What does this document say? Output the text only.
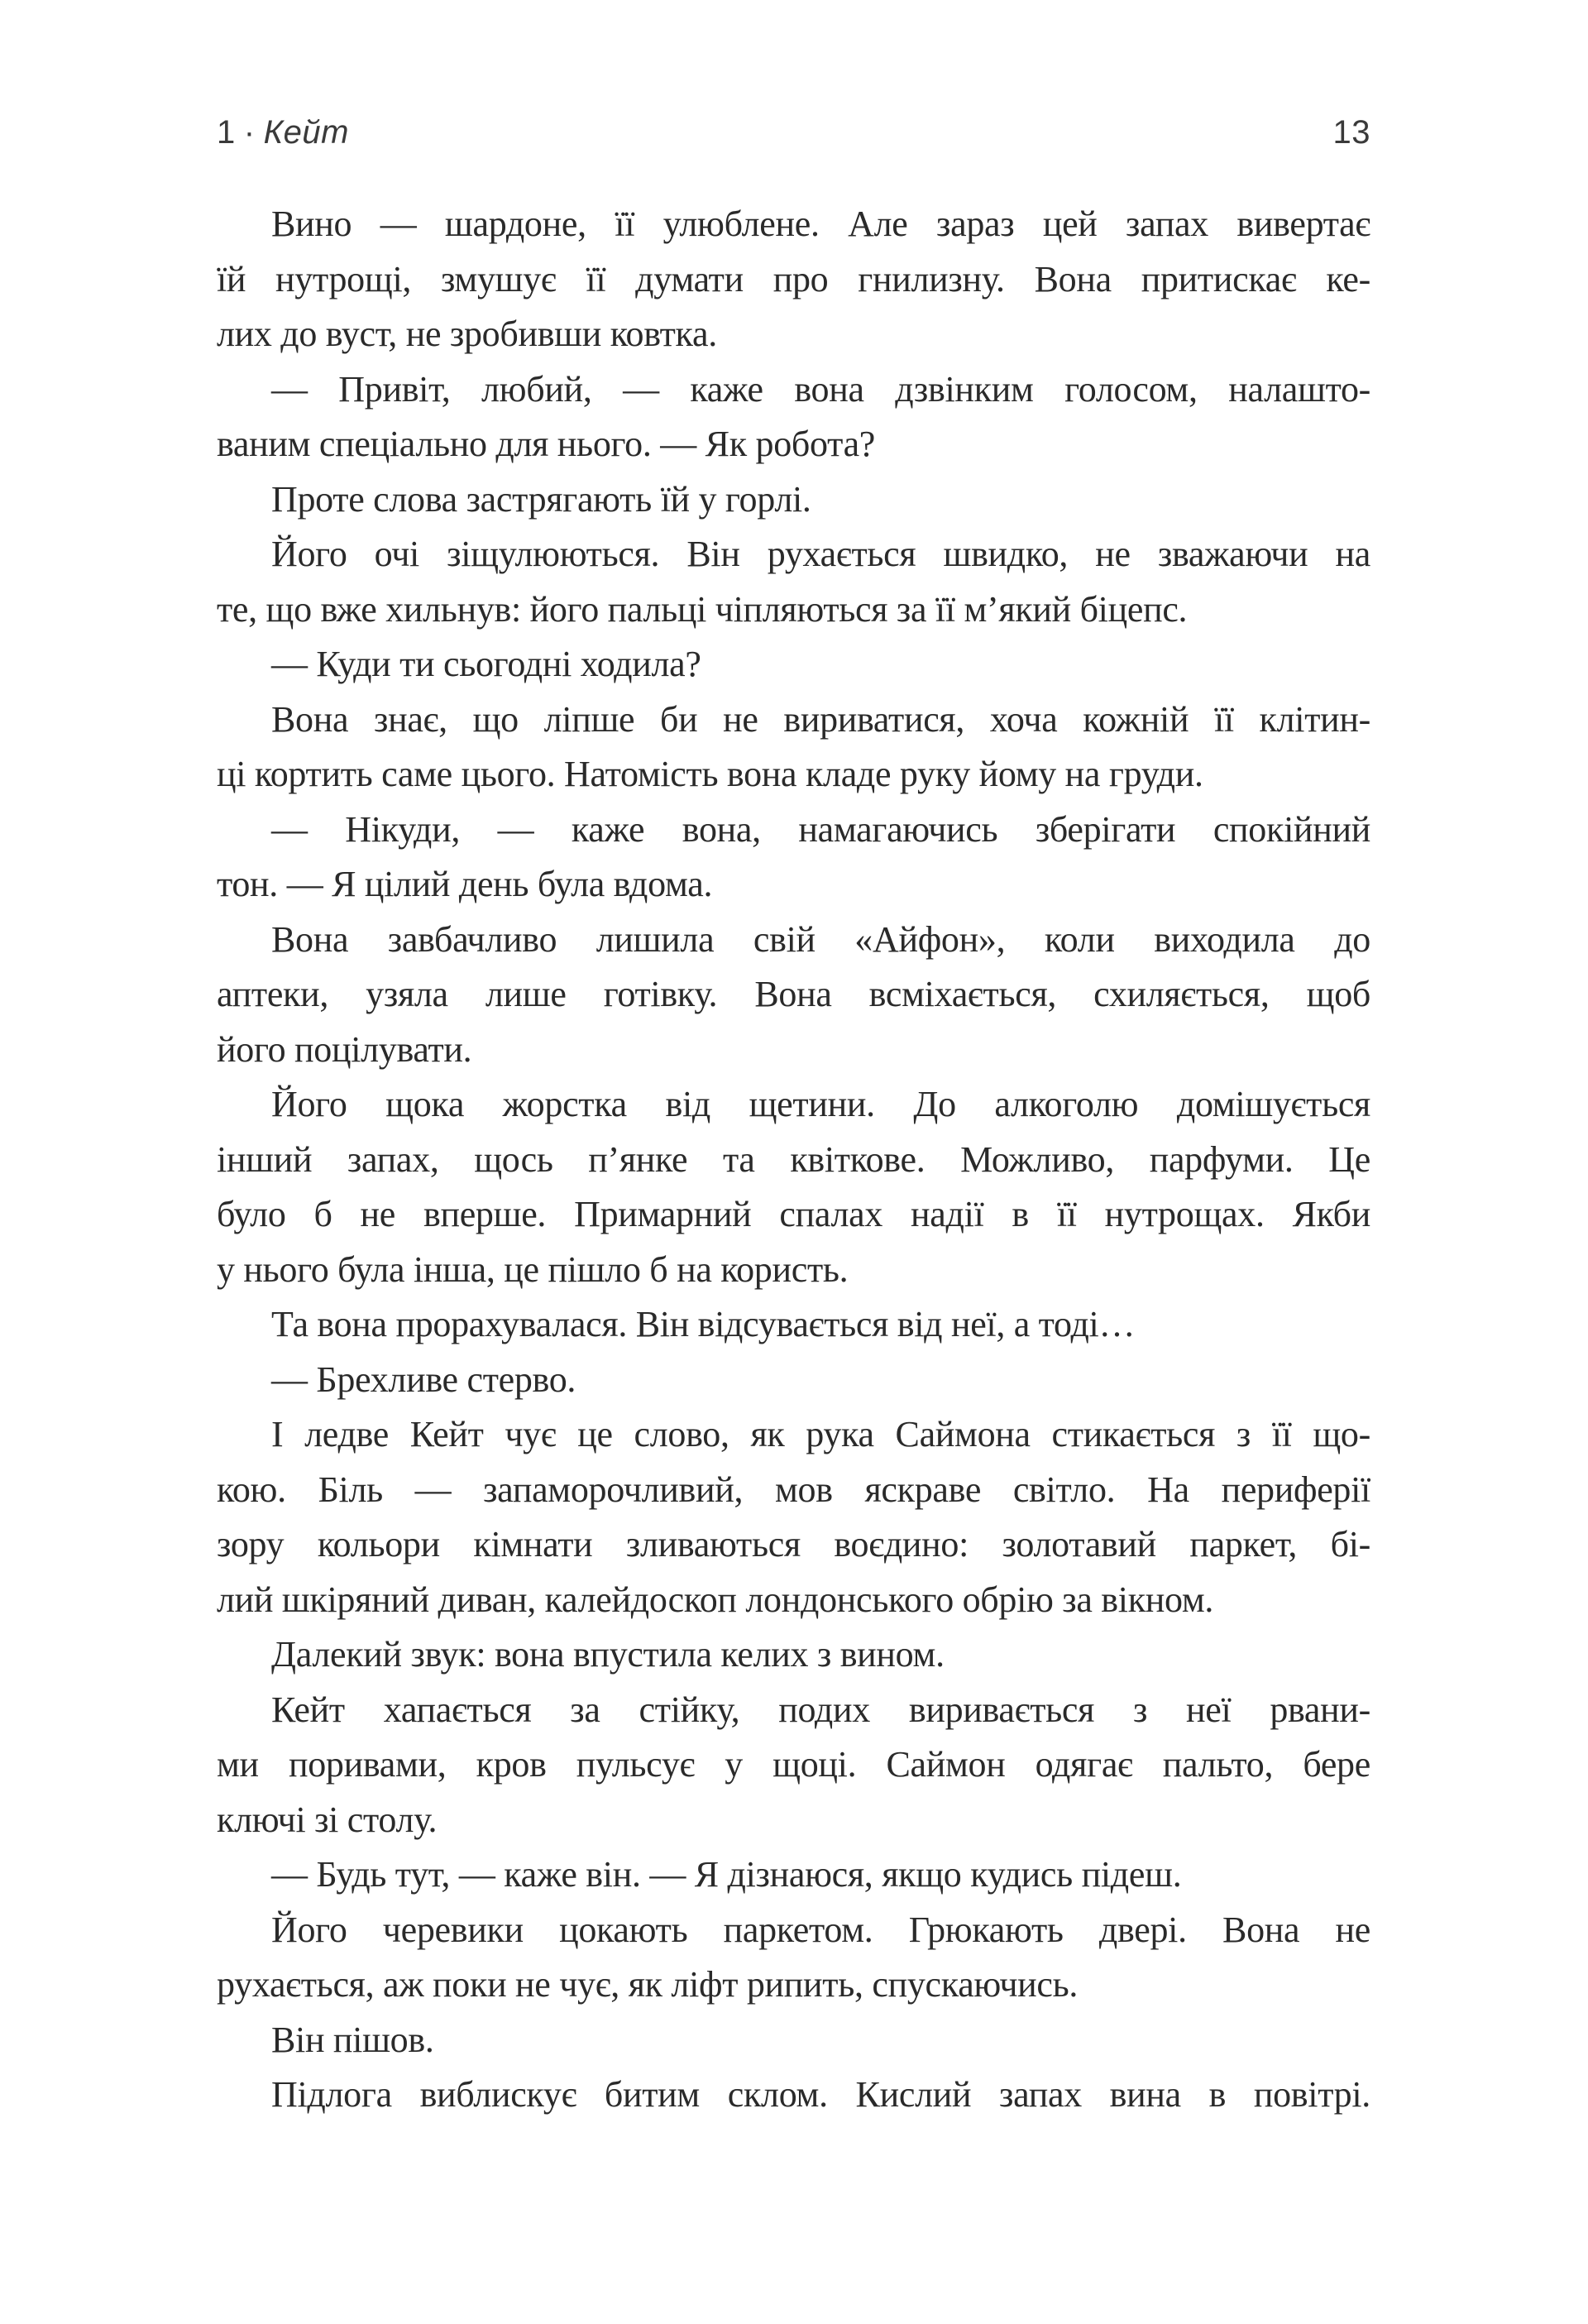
1 · Кейт	13
Вино — шардоне, її улюблене. Але зараз цей запах вивертає
їй нутрощі, змушує її думати про гнилизну. Вона притискає ке-
лих до вуст, не зробивши ковтка.
— Привіт, любий, — каже вона дзвінким голосом, налашто-
ваним спеціально для нього. — Як робота?
Проте слова застрягають їй у горлі.
Його очі зіщулюються. Він рухається швидко, не зважаючи на
те, що вже хильнув: його пальці чіпляються за її м’який біцепс.
— Куди ти сьогодні ходила?
Вона знає, що ліпше би не вириватися, хоча кожній її клітин-
ці кортить саме цього. Натомість вона кладе руку йому на груди.
— Нікуди, — каже вона, намагаючись зберігати спокійний
тон. — Я цілий день була вдома.
Вона завбачливо лишила свій «Айфон», коли виходила до
аптеки, узяла лише готівку. Вона всміхається, схиляється, щоб
його поцілувати.
Його щока жорстка від щетини. До алкоголю домішується
інший запах, щось п’янке та квіткове. Можливо, парфуми. Це
було б не вперше. Примарний спалах надії в її нутрощах. Якби
у нього була інша, це пішло б на користь.
Та вона прорахувалася. Він відсувається від неї, а тоді…
— Брехливе стерво.
І ледве Кейт чує це слово, як рука Саймона стикається з її що-
кою. Біль — запаморочливий, мов яскраве світло. На периферії
зору кольори кімнати зливаються воєдино: золотавий паркет, бі-
лий шкіряний диван, калейдоскоп лондонського обрію за вікном.
Далекий звук: вона впустила келих з вином.
Кейт хапається за стійку, подих виривається з неї рвани-
ми поривами, кров пульсує у щоці. Саймон одягає пальто, бере
ключі зі столу.
— Будь тут, — каже він. — Я дізнаюся, якщо кудись підеш.
Його черевики цокають паркетом. Грюкають двері. Вона не
рухається, аж поки не чує, як ліфт рипить, спускаючись.
Він пішов.
Підлога виблискує битим склом. Кислий запах вина в повітрі.
